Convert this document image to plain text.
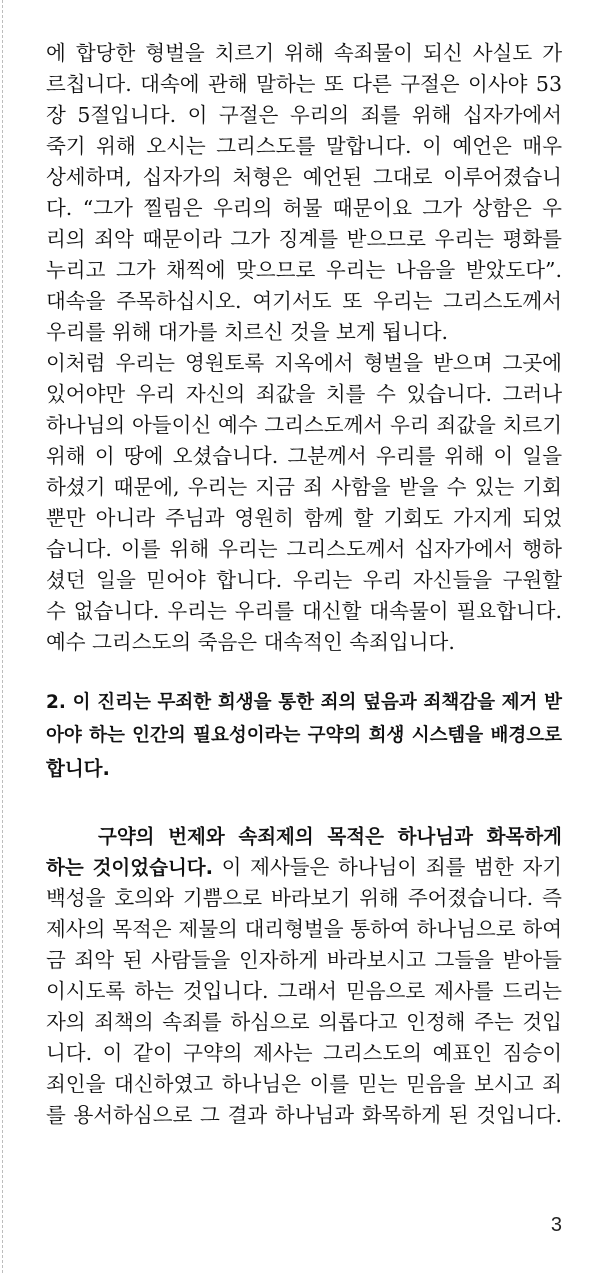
에 합당한 형벌을 치르기 위해 속죄물이 되신 사실도 가
르칩니다. 대속에 관해 말하는 또 다른 구절은 이사야 53
장 5절입니다. 이 구절은 우리의 죄를 위해 십자가에서
죽기 위해 오시는 그리스도를 말합니다. 이 예언은 매우
상세하며, 십자가의 처형은 예언된 그대로 이루어졌습니
다. “그가 찔림은 우리의 허물 때문이요 그가 상함은 우
리의 죄악 때문이라 그가 징계를 받으므로 우리는 평화를
누리고 그가 채찍에 맞으므로 우리는 나음을 받았도다”.
대속을 주목하십시오. 여기서도 또 우리는 그리스도께서
우리를 위해 대가를 치르신 것을 보게 됩니다.
이처럼 우리는 영원토록 지옥에서 형벌을 받으며 그곳에
있어야만 우리 자신의 죄값을 치를 수 있습니다. 그러나
하나님의 아들이신 예수 그리스도께서 우리 죄값을 치르기
위해 이 땅에 오셨습니다. 그분께서 우리를 위해 이 일을
하셨기 때문에, 우리는 지금 죄 사함을 받을 수 있는 기회
뿐만 아니라 주님과 영원히 함께 할 기회도 가지게 되었
습니다. 이를 위해 우리는 그리스도께서 십자가에서 행하
셨던 일을 믿어야 합니다. 우리는 우리 자신들을 구원할
수 없습니다. 우리는 우리를 대신할 대속물이 필요합니다.
예수 그리스도의 죽음은 대속적인 속죄입니다.
2. 이 진리는 무죄한 희생을 통한 죄의 덮음과 죄책감을 제거 받
아야 하는 인간의 필요성이라는 구약의 희생 시스템을 배경으로
합니다.
구약의 번제와 속죄제의 목적은 하나님과 화목하게
하는 것이었습니다. 이 제사들은 하나님이 죄를 범한 자기
백성을 호의와 기쁨으로 바라보기 위해 주어졌습니다. 즉
제사의 목적은 제물의 대리형벌을 통하여 하나님으로 하여
금 죄악 된 사람들을 인자하게 바라보시고 그들을 받아들
이시도록 하는 것입니다. 그래서 믿음으로 제사를 드리는
자의 죄책의 속죄를 하심으로 의롭다고 인정해 주는 것입
니다. 이 같이 구약의 제사는 그리스도의 예표인 짐승이
죄인을 대신하였고 하나님은 이를 믿는 믿음을 보시고 죄
를 용서하심으로 그 결과 하나님과 화목하게 된 것입니다.
3
